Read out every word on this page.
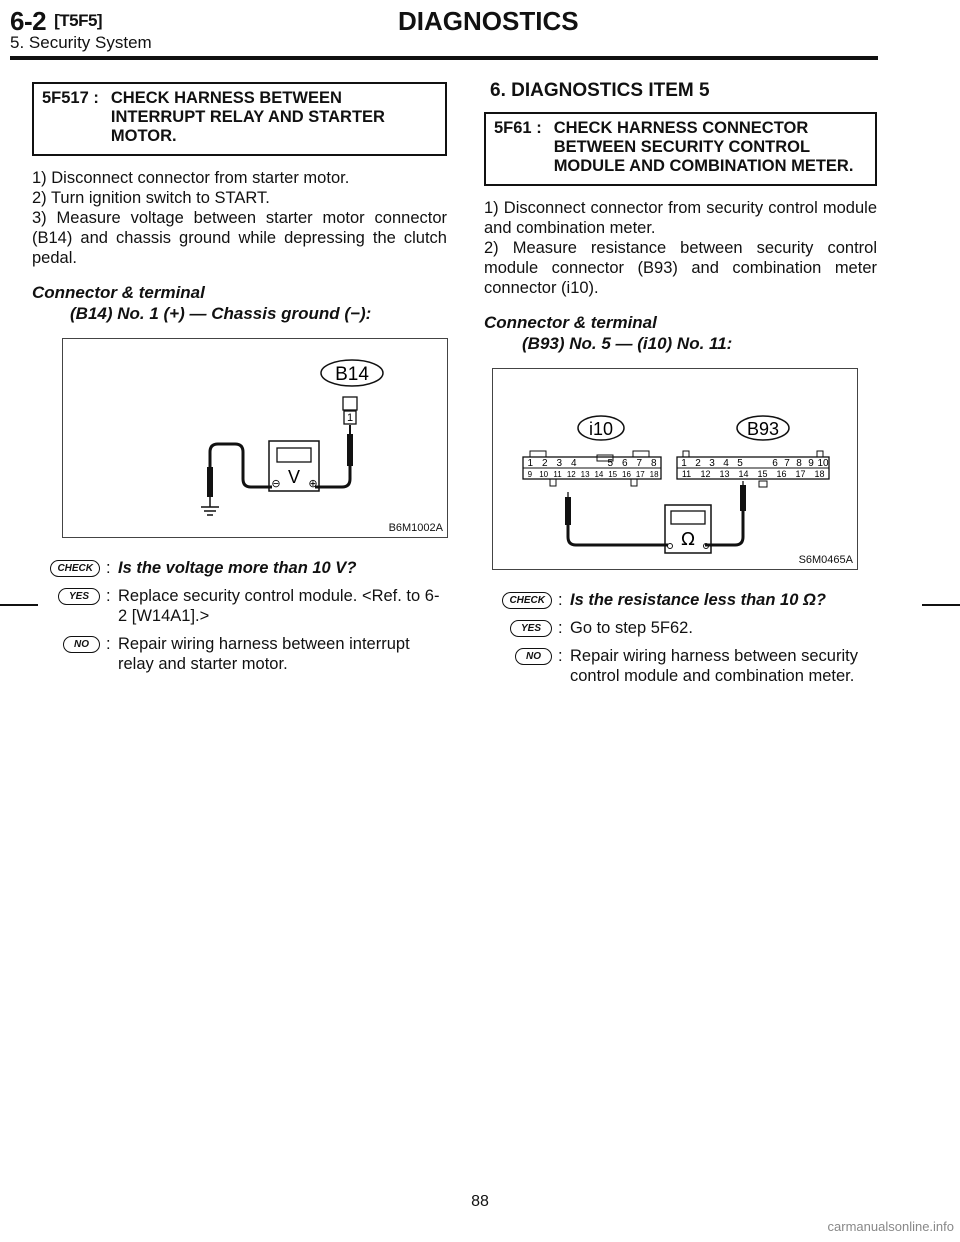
6-2 [T5F5]	DIAGNOSTICS
5. Security System
5F517 : CHECK HARNESS BETWEEN INTERRUPT RELAY AND STARTER MOTOR.
1) Disconnect connector from starter motor.
2) Turn ignition switch to START.
3) Measure voltage between starter motor connector (B14) and chassis ground while depressing the clutch pedal.
Connector & terminal
(B14) No. 1 (+) — Chassis ground (−):
B14
1
V
⊖	⊕
B6M1002A
CHECK : Is the voltage more than 10 V?
YES	: Replace security control module. <Ref. to 6-2 [W14A1].>
NO	: Repair wiring harness between interrupt relay and starter motor.
6. DIAGNOSTICS ITEM 5
5F61 : CHECK HARNESS CONNECTOR BETWEEN SECURITY CONTROL MODULE AND COMBINATION METER.
1) Disconnect connector from security control module and combination meter.
2) Measure resistance between security control module connector (B93) and combination meter connector (i10).
Connector & terminal
(B93) No. 5 — (i10) No. 11:
i10	B93
Ω
1 2 3 4	5 6 7 8
9 10 11 12 13 14 15 16 17 18
1 2 3 4 5	6 7 8 9 10
11 12 13 14 15 16 17 18
S6M0465A
CHECK : Is the resistance less than 10 Ω?
YES	: Go to step 5F62.
NO	: Repair wiring harness between security control module and combination meter.
88
carmanualsonline.info
